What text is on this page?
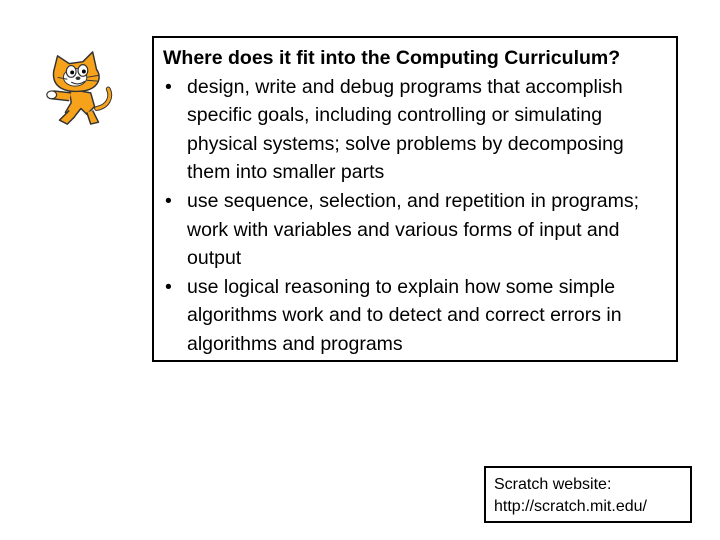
Where does it fit into the Computing Curriculum?
• design, write and debug programs that accomplish specific goals, including controlling or simulating physical systems; solve problems by decomposing them into smaller parts
• use sequence, selection, and repetition in programs; work with variables and various forms of input and output
• use logical reasoning to explain how some simple algorithms work and to detect and correct errors in algorithms and programs
Scratch website:
http://scratch.mit.edu/
